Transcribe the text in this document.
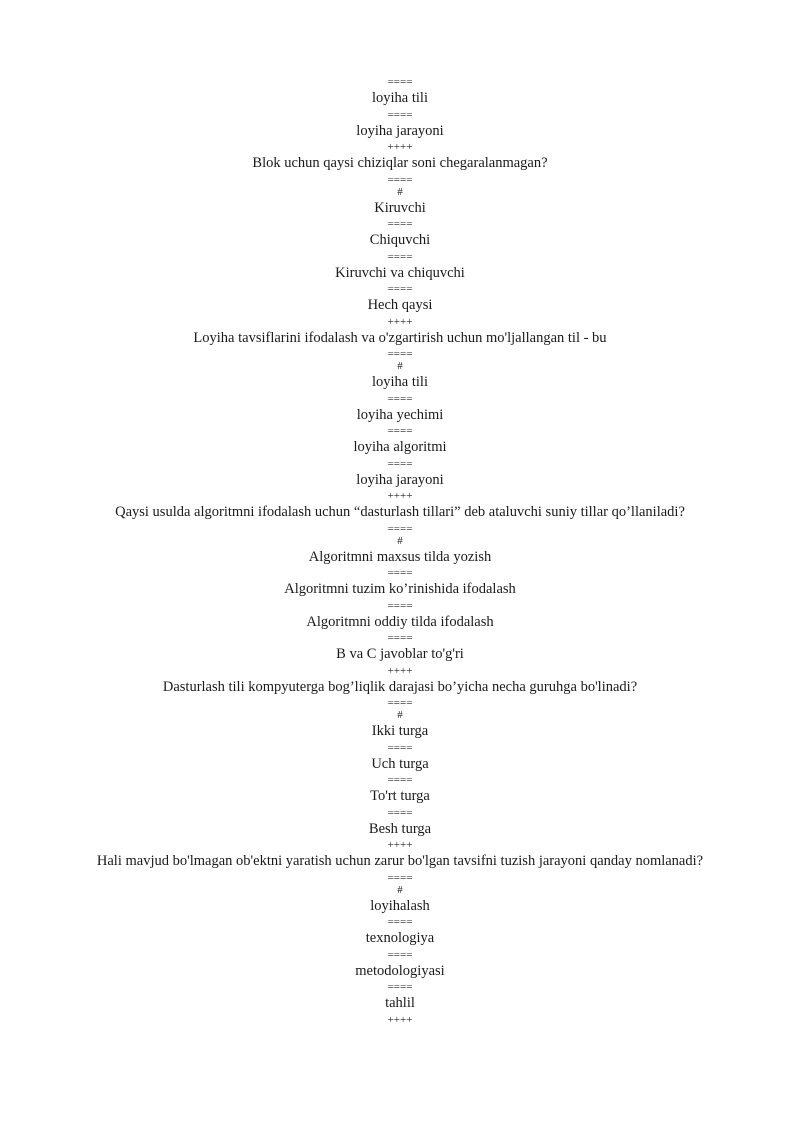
====

loyiha tili

====

loyiha jarayoni

++++

Blok uchun qaysi chiziqlar soni chegaralanmagan?

====

#

Kiruvchi

====

Chiquvchi

====

Kiruvchi va chiquvchi

====

Hech qaysi

++++

Loyiha tavsiflarini ifodalash va o'zgartirish uchun mo'ljallangan til - bu

====

#

loyiha tili

====

loyiha yechimi

====

loyiha algoritmi

====

loyiha jarayoni

++++

Qaysi usulda algoritmni ifodalash uchun “dasturlash tillari” deb ataluvchi suniy tillar qo’llaniladi?

====

#

Algoritmni maxsus tilda yozish

====

Algoritmni tuzim ko’rinishida ifodalash

====

Algoritmni oddiy tilda ifodalash

====

B va C javoblar to'g'ri

++++

Dasturlash tili kompyuterga bog’liqlik darajasi bo’yicha necha guruhga bo'linadi?

====

#

Ikki turga

====

Uch turga

====

To'rt turga

====

Besh turga

++++

Hali mavjud bo'lmagan ob'ektni yaratish uchun zarur bo'lgan tavsifni tuzish jarayoni qanday nomlanadi?

====

#

loyihalash

====

texnologiya

====

metodologiyasi

====

tahlil

++++
